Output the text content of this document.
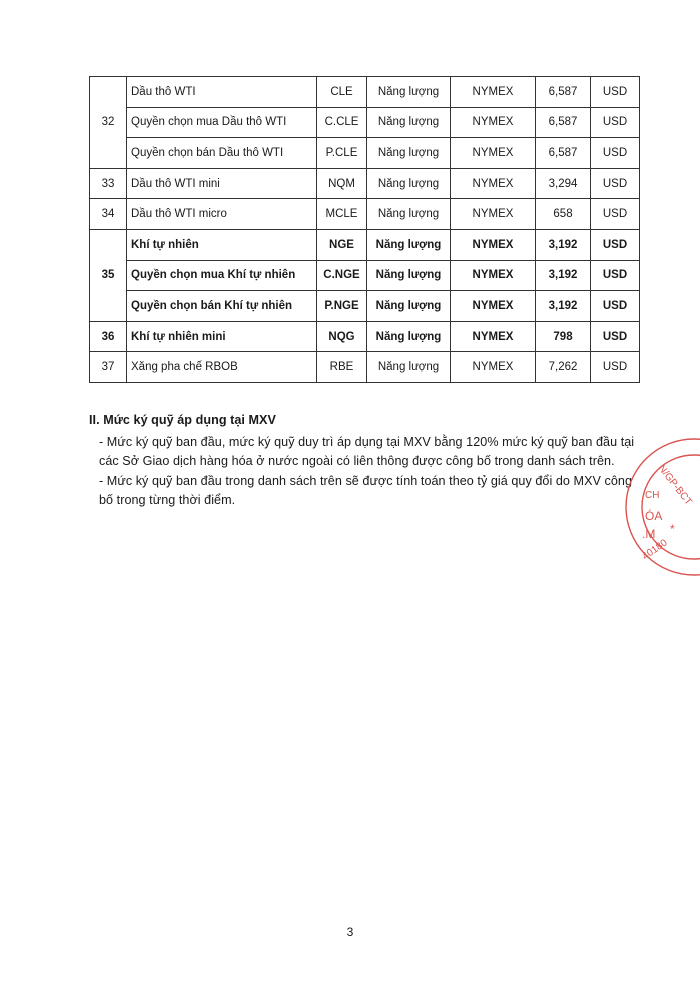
32	Dầu thô WTI	CLE	Năng lượng	NYMEX	6,587	USD
	Quyền chọn mua Dầu thô WTI	C.CLE	Năng lượng	NYMEX	6,587	USD
	Quyền chọn bán Dầu thô WTI	P.CLE	Năng lượng	NYMEX	6,587	USD
33	Dầu thô WTI mini	NQM	Năng lượng	NYMEX	3,294	USD
34	Dầu thô WTI micro	MCLE	Năng lượng	NYMEX	658	USD
35	Khí tự nhiên	NGE	Năng lượng	NYMEX	3,192	USD
	Quyền chọn mua Khí tự nhiên	C.NGE	Năng lượng	NYMEX	3,192	USD
	Quyền chọn bán Khí tự nhiên	P.NGE	Năng lượng	NYMEX	3,192	USD
36	Khí tự nhiên mini	NQG	Năng lượng	NYMEX	798	USD
37	Xăng pha chế RBOB	RBE	Năng lượng	NYMEX	7,262	USD

II. Mức ký quỹ áp dụng tại MXV

- Mức ký quỹ ban đầu, mức ký quỹ duy trì áp dụng tại MXV bằng 120% mức ký quỹ ban đầu tại các Sở Giao dịch hàng hóa ở nước ngoài có liên thông được công bố trong danh sách trên.

- Mức ký quỹ ban đầu trong danh sách trên sẽ được tính toán theo tỷ giá quy đổi do MXV công bố trong từng thời điểm.	N/GP-BCT
CH
ÓA
.M *
40180
3
